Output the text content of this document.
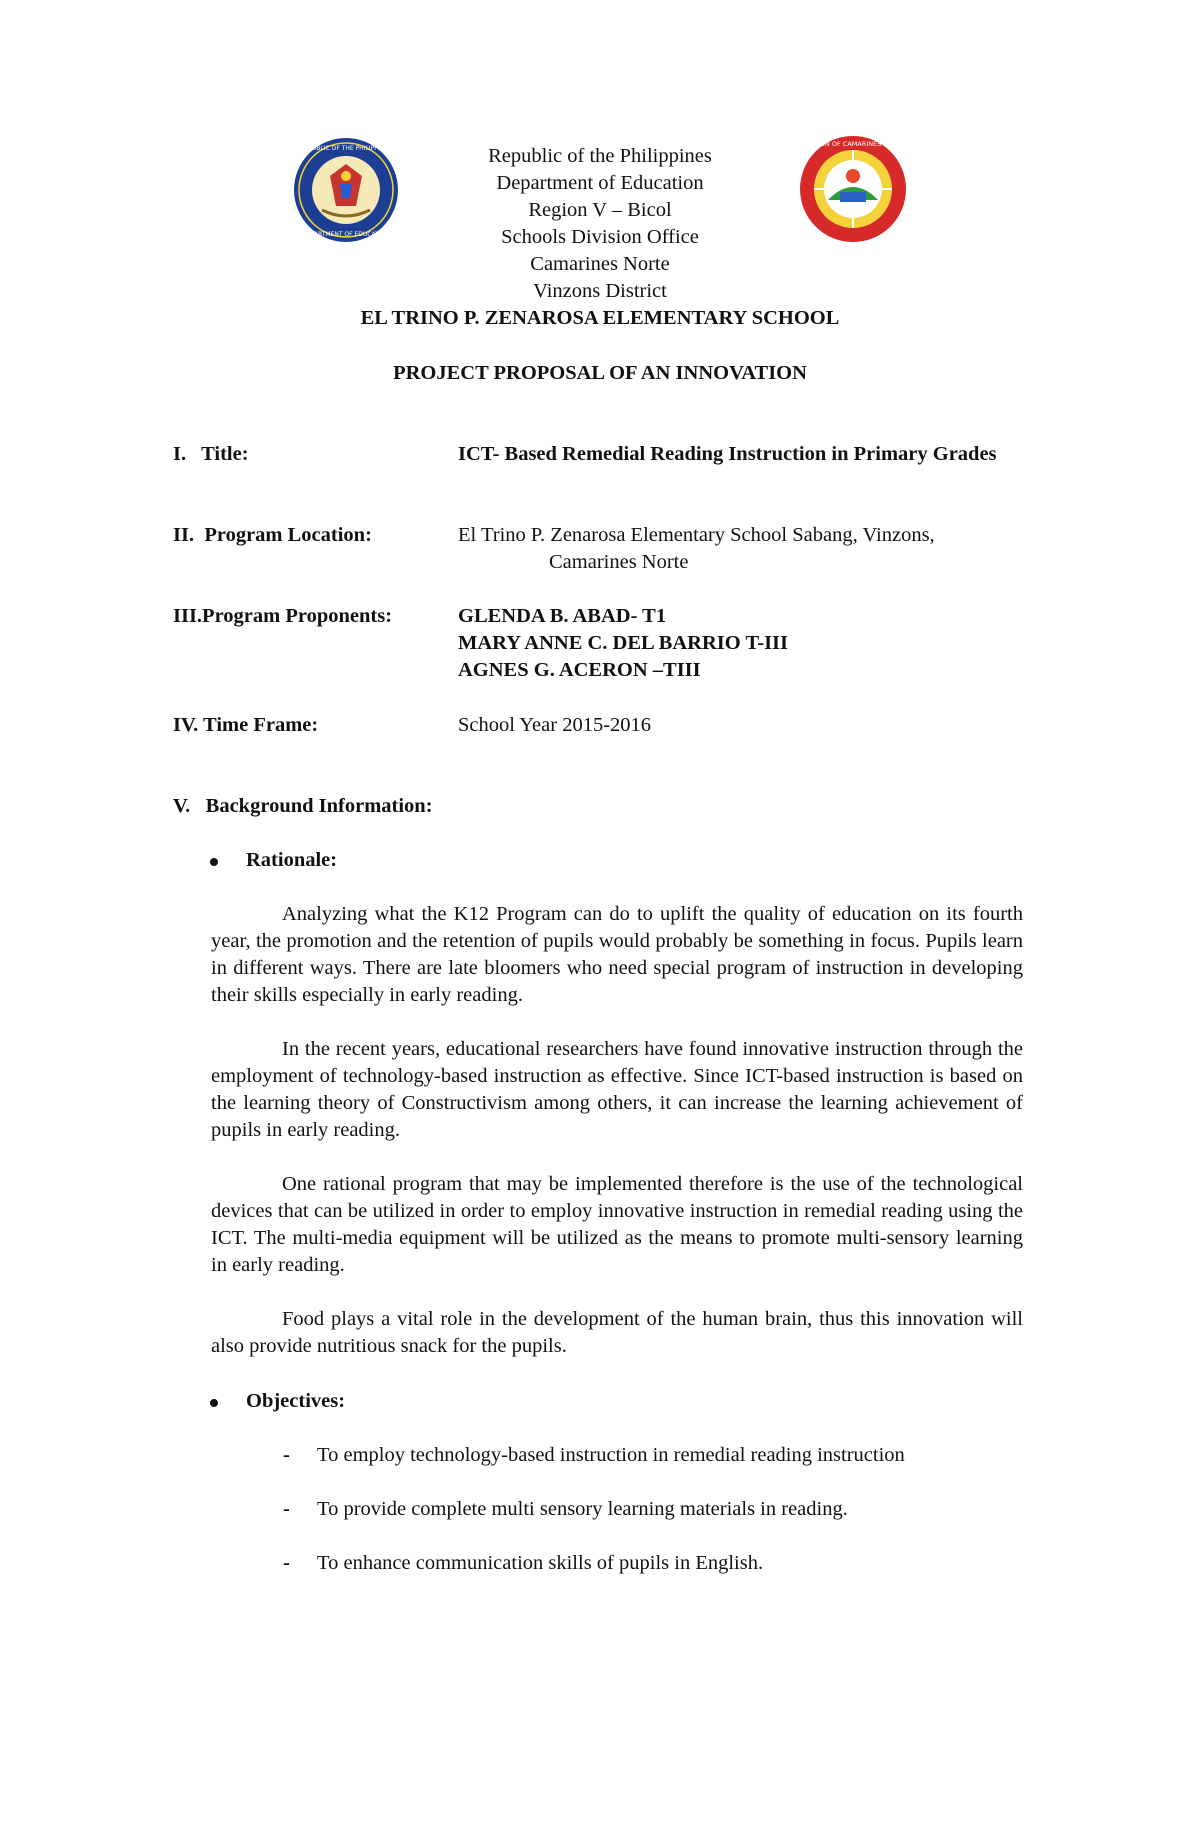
REPUBLIC OF THE PHILIPPINES
DEPARTMENT OF EDUCATION
DIVISION OF CAMARINES NORTE
Republic of the Philippines
Department of Education
Region V – Bicol
Schools Division Office
Camarines Norte
Vinzons District
EL TRINO P. ZENAROSA ELEMENTARY SCHOOL
PROJECT PROPOSAL OF AN INNOVATION
I.   Title:	ICT- Based Remedial Reading Instruction in Primary Grades
II.  Program Location:	El Trino P. Zenarosa Elementary School Sabang, Vinzons,
Camarines Norte
III.Program Proponents:	GLENDA B. ABAD- T1
MARY ANNE C. DEL BARRIO T-III
AGNES G. ACERON –TIII
IV. Time Frame:	School Year 2015-2016
V.   Background Information:
Rationale:
Analyzing what the K12 Program can do to uplift the quality of education on its fourth year, the promotion and the retention of pupils would probably be something in focus. Pupils learn in different ways. There are late bloomers who need special program of instruction in developing their skills especially in early reading.
In the recent years, educational researchers have found innovative instruction through the employment of technology-based instruction as effective. Since ICT-based instruction is based on the learning theory of Constructivism among others, it can increase the learning achievement of pupils in early reading.
One rational program that may be implemented therefore is the use of the technological devices that can be utilized in order to employ innovative instruction in remedial reading using the ICT. The multi-media equipment will be utilized as the means to promote multi-sensory learning in early reading.
Food plays a vital role in the development of the human brain, thus this innovation will also provide nutritious snack for the pupils.
Objectives:
- To employ technology-based instruction in remedial reading instruction
- To provide complete multi sensory learning materials in reading.
- To enhance communication skills of pupils in English.
